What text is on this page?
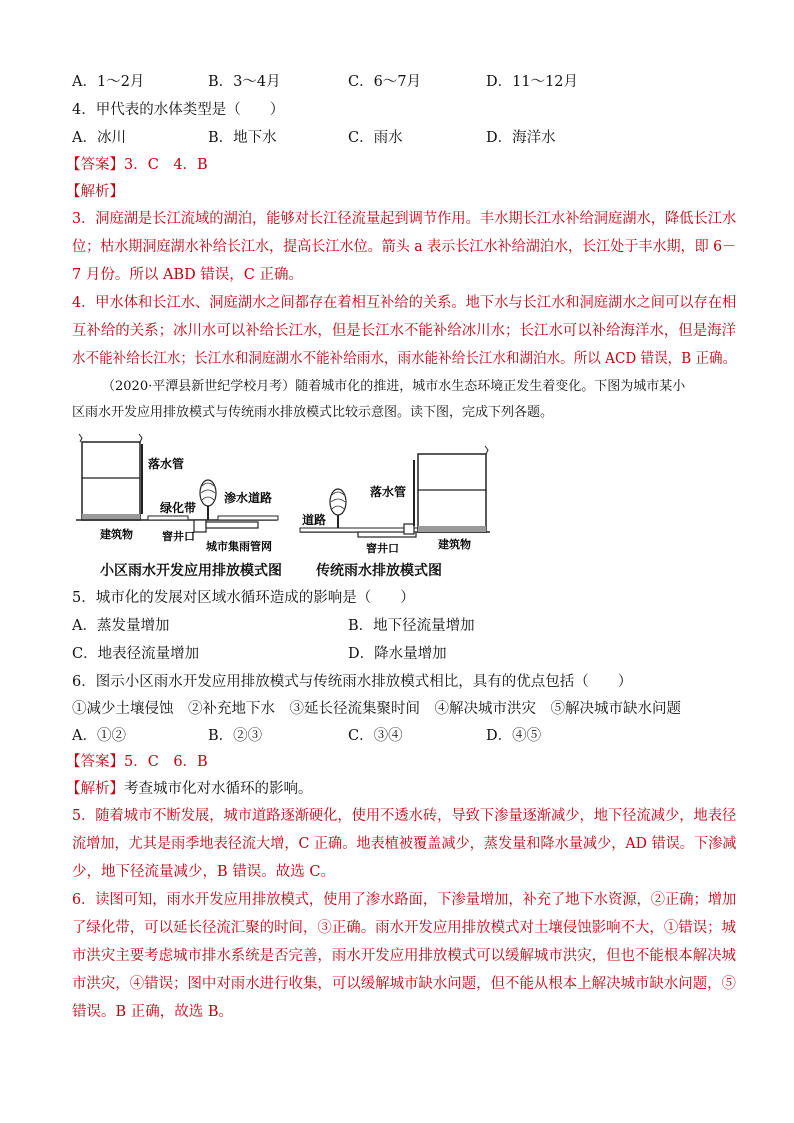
A．1～2月	B．3～4月	C．6～7月	D．11～12月
4．甲代表的水体类型是（　　）
A．冰川	B．地下水	C．雨水	D．海洋水
【答案】3．C　4．B
【解析】
3．洞庭湖是长江流域的湖泊，能够对长江径流量起到调节作用。丰水期长江水补给洞庭湖水，降低长江水
位；枯水期洞庭湖水补给长江水，提高长江水位。箭头 a 表示长江水补给湖泊水，长江处于丰水期，即 6－
7 月份。所以 ABD 错误，C 正确。
4．甲水体和长江水、洞庭湖水之间都存在着相互补给的关系。地下水与长江水和洞庭湖水之间可以存在相
互补给的关系；冰川水可以补给长江水，但是长江水不能补给冰川水；长江水可以补给海洋水，但是海洋
水不能补给长江水；长江水和洞庭湖水不能补给雨水，雨水能补给长江水和湖泊水。所以 ACD 错误，B 正确。
（2020·平潭县新世纪学校月考）随着城市化的推进，城市水生态环境正发生着变化。下图为城市某小
区雨水开发应用排放模式与传统雨水排放模式比较示意图。读下图，完成下列各题。
落水管
绿化带
渗水道路
建筑物	窨井口
城市集雨管网
落水管
道路
窨井口	建筑物
小区雨水开发应用排放模式图 传统雨水排放模式图
5．城市化的发展对区域水循环造成的影响是（　　）
A．蒸发量增加	B．地下径流量增加
C．地表径流量增加	D．降水量增加
6．图示小区雨水开发应用排放模式与传统雨水排放模式相比，具有的优点包括（　　）
①减少土壤侵蚀　②补充地下水　③延长径流集聚时间　④解决城市洪灾　⑤解决城市缺水问题
A．①②	B．②③	C．③④	D．④⑤
【答案】5．C　6．B
【解析】考查城市化对水循环的影响。
5．随着城市不断发展，城市道路逐渐硬化，使用不透水砖，导致下渗量逐渐减少，地下径流减少，地表径
流增加，尤其是雨季地表径流大增，C 正确。地表植被覆盖减少，蒸发量和降水量减少，AD 错误。下渗减
少，地下径流量减少，B 错误。故选 C。
6．读图可知，雨水开发应用排放模式，使用了渗水路面，下渗量增加，补充了地下水资源，②正确；增加
了绿化带，可以延长径流汇聚的时间，③正确。雨水开发应用排放模式对土壤侵蚀影响不大，①错误；城
市洪灾主要考虑城市排水系统是否完善，雨水开发应用排放模式可以缓解城市洪灾，但也不能根本解决城
市洪灾，④错误；图中对雨水进行收集，可以缓解城市缺水问题，但不能从根本上解决城市缺水问题，⑤
错误。B 正确，故选 B。
